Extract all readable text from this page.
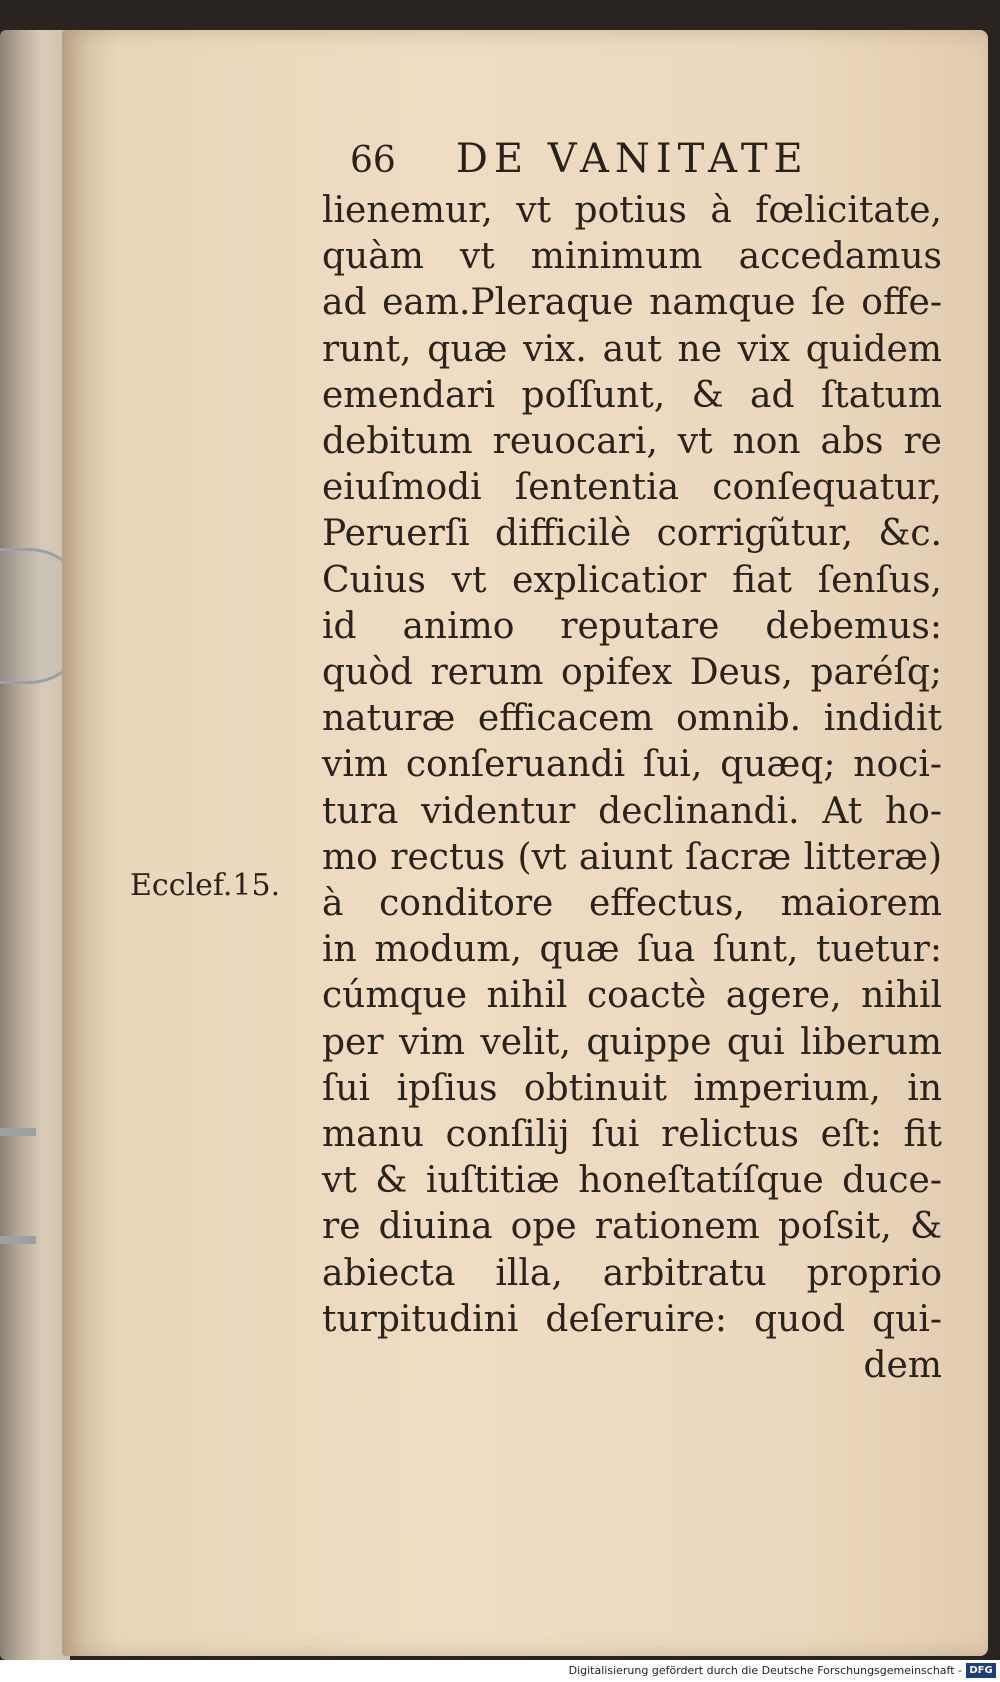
66 DE VANITATE
Ecclef.15.
lienemur, vt potius à fœlicitate,
quàm vt minimum accedamus
ad eam.Pleraque namque ſe offe-
runt, quæ vix. aut ne vix quidem
emendari poſſunt, & ad ſtatum
debitum reuocari, vt non abs re
eiuſmodi ſententia conſequatur,
Peruerſi difficilè corrigũtur, &c.
Cuius vt explicatior fiat ſenſus,
id animo reputare debemus:
quòd rerum opifex Deus, paréſq;
naturæ efficacem omnib. indidit
vim conſeruandi ſui, quæq; noci-
tura videntur declinandi. At ho-
mo rectus (vt aiunt ſacræ litteræ)
à conditore effectus, maiorem
in modum, quæ ſua ſunt, tuetur:
cúmque nihil coactè agere, nihil
per vim velit, quippe qui liberum
ſui ipſius obtinuit imperium, in
manu conſilij ſui relictus eſt: fit
vt & iuſtitiæ honeſtatíſque duce-
re diuina ope rationem poſsit, &
abiecta illa, arbitratu proprio
turpitudini deſeruire: quod qui-
dem
Digitalisierung gefördert durch die Deutsche Forschungsgemeinschaft - DFG
